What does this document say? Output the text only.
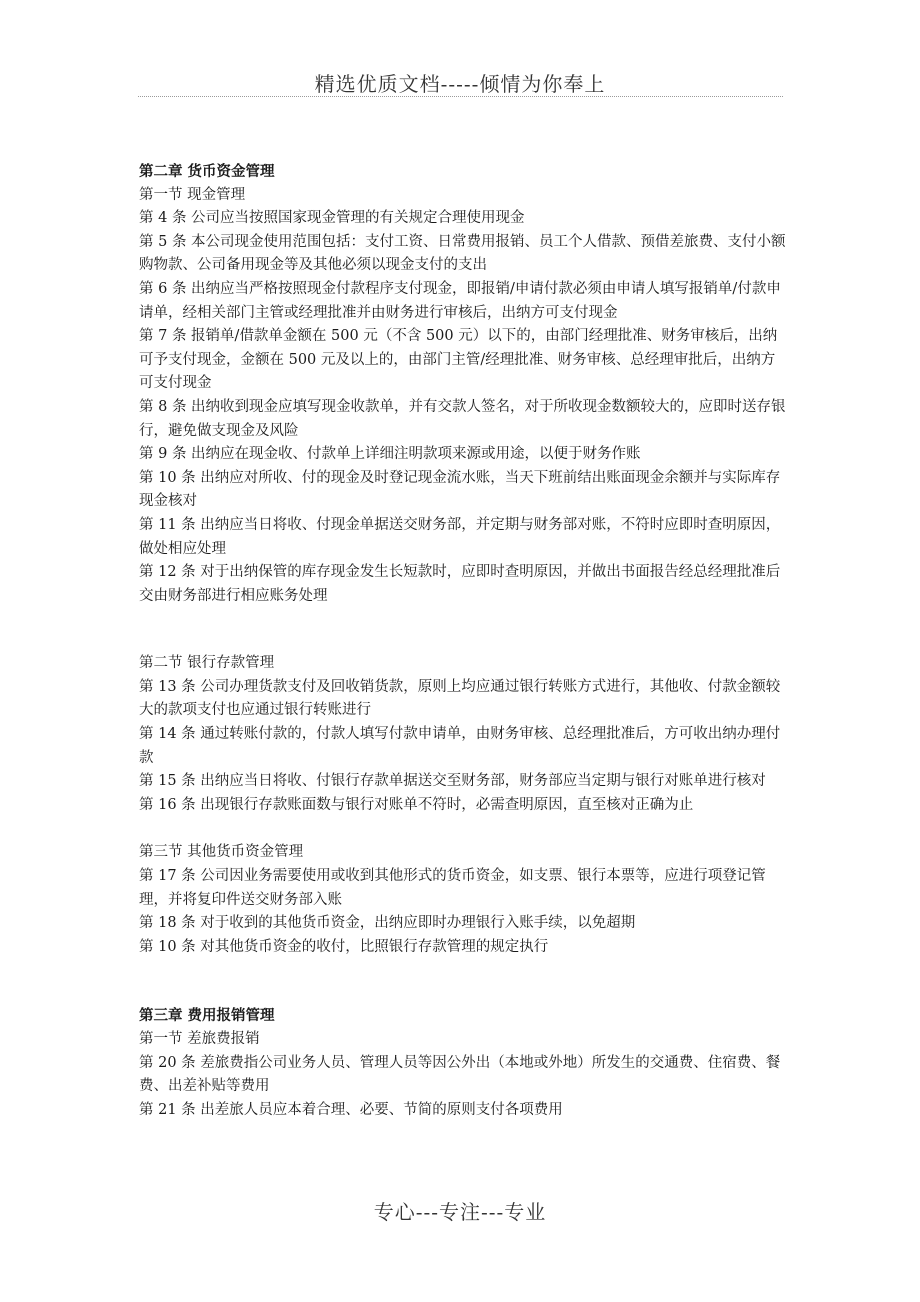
精选优质文档-----倾情为你奉上

第二章 货币资金管理

第一节 现金管理

第 4 条 公司应当按照国家现金管理的有关规定合理使用现金

第 5 条 本公司现金使用范围包括：支付工资、日常费用报销、员工个人借款、预借差旅费、支付小额购物款、公司备用现金等及其他必须以现金支付的支出

第 6 条 出纳应当严格按照现金付款程序支付现金，即报销/申请付款必须由申请人填写报销单/付款申请单，经相关部门主管或经理批准并由财务进行审核后，出纳方可支付现金

第 7 条 报销单/借款单金额在 500 元（不含 500 元）以下的，由部门经理批准、财务审核后，出纳可予支付现金，金额在 500 元及以上的，由部门主管/经理批准、财务审核、总经理审批后，出纳方可支付现金

第 8 条 出纳收到现金应填写现金收款单，并有交款人签名，对于所收现金数额较大的，应即时送存银行，避免做支现金及风险

第 9 条 出纳应在现金收、付款单上详细注明款项来源或用途，以便于财务作账

第 10 条 出纳应对所收、付的现金及时登记现金流水账，当天下班前结出账面现金余额并与实际库存现金核对

第 11 条 出纳应当日将收、付现金单据送交财务部，并定期与财务部对账，不符时应即时查明原因，做处相应处理

第 12 条 对于出纳保管的库存现金发生长短款时，应即时查明原因，并做出书面报告经总经理批准后交由财务部进行相应账务处理

第二节 银行存款管理

第 13 条 公司办理货款支付及回收销货款，原则上均应通过银行转账方式进行，其他收、付款金额较大的款项支付也应通过银行转账进行

第 14 条 通过转账付款的，付款人填写付款申请单，由财务审核、总经理批准后，方可收出纳办理付款

第 15 条 出纳应当日将收、付银行存款单据送交至财务部，财务部应当定期与银行对账单进行核对

第 16 条 出现银行存款账面数与银行对账单不符时，必需查明原因，直至核对正确为止

第三节 其他货币资金管理

第 17 条 公司因业务需要使用或收到其他形式的货币资金，如支票、银行本票等，应进行项登记管理，并将复印件送交财务部入账

第 18 条 对于收到的其他货币资金，出纳应即时办理银行入账手续，以免超期

第 10 条 对其他货币资金的收付，比照银行存款管理的规定执行

第三章 费用报销管理

第一节 差旅费报销

第 20 条 差旅费指公司业务人员、管理人员等因公外出（本地或外地）所发生的交通费、住宿费、餐费、出差补贴等费用

第 21 条 出差旅人员应本着合理、必要、节简的原则支付各项费用

专心---专注---专业
